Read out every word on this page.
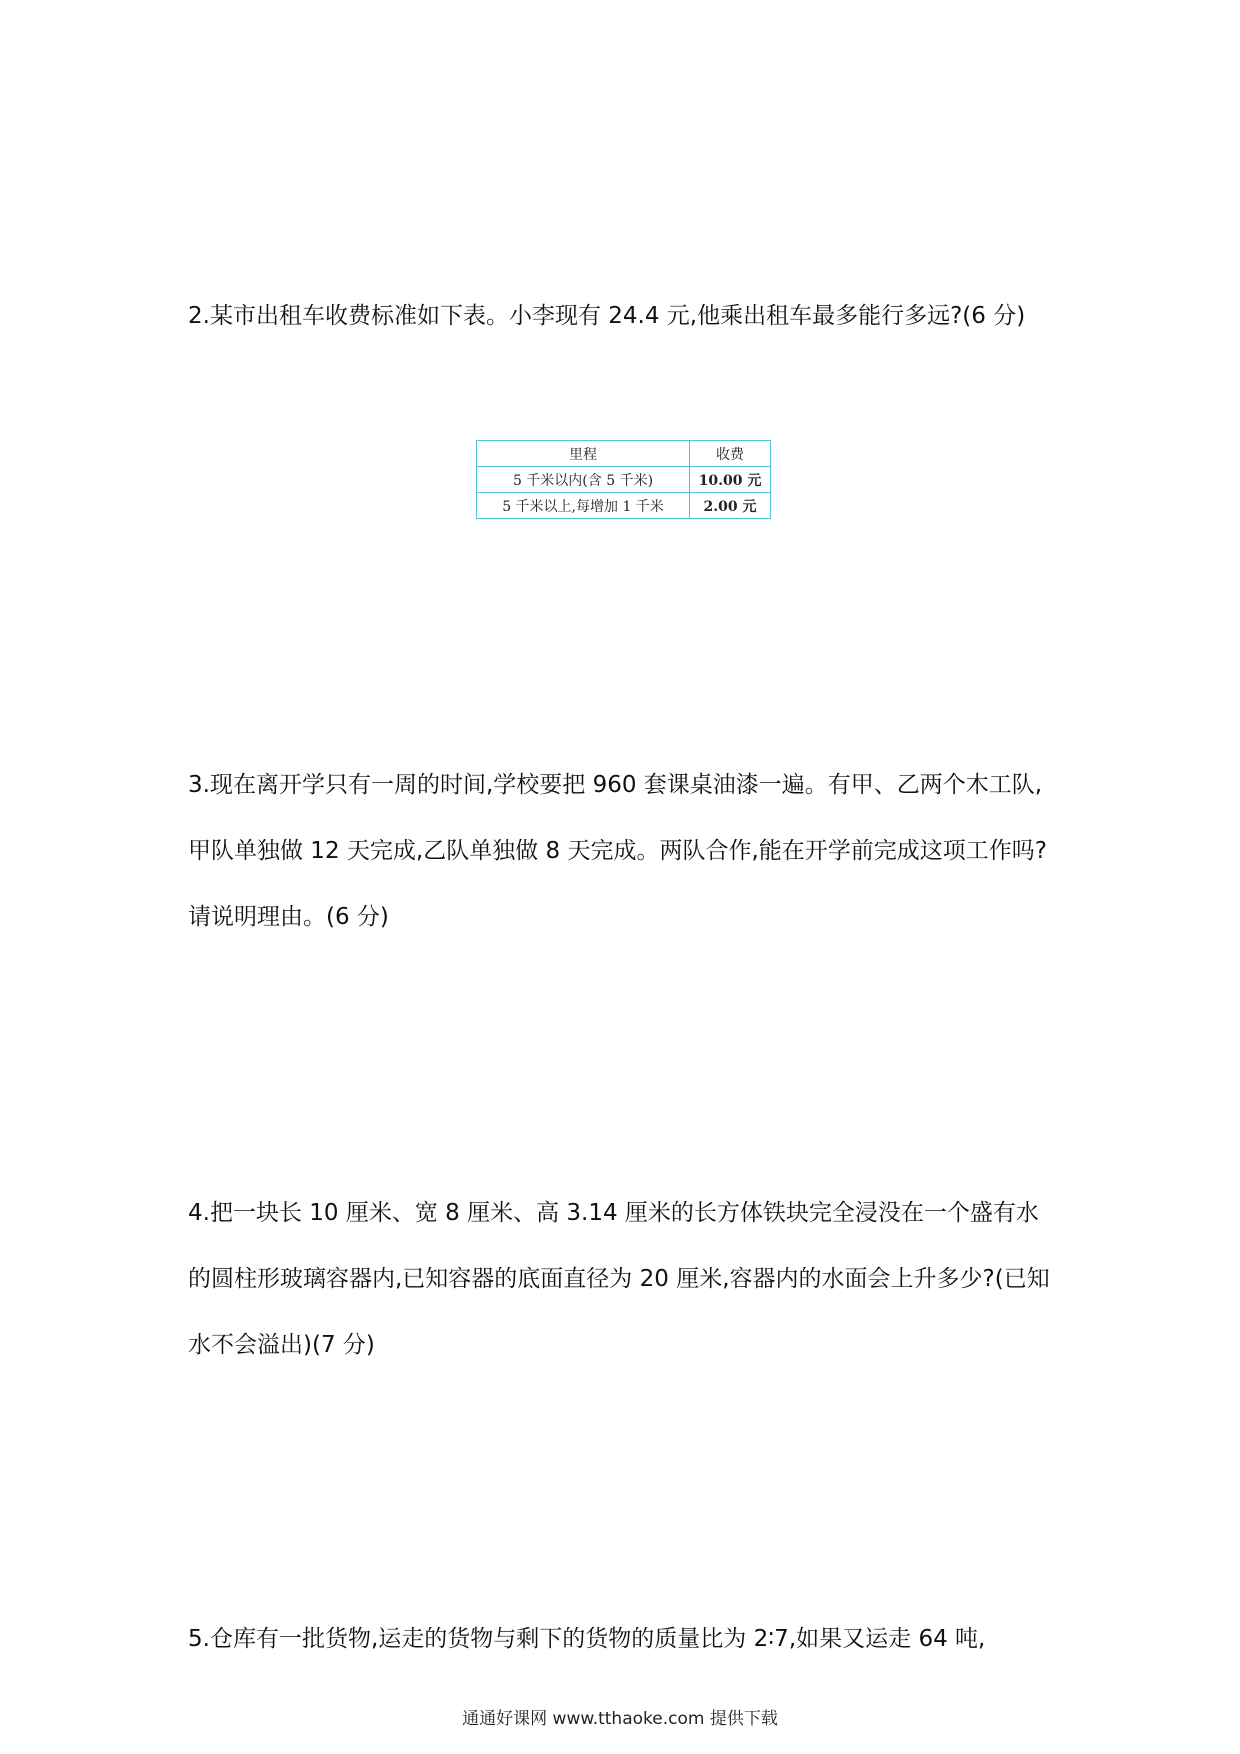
2.某市出租车收费标准如下表。小李现有 24.4 元,他乘出租车最多能行多远?(6 分)

里程	收费
5 千米以内(含 5 千米)	10.00 元
5 千米以上,每增加 1 千米	2.00 元

3.现在离开学只有一周的时间,学校要把 960 套课桌油漆一遍。有甲、乙两个木工队,甲队单独做 12 天完成,乙队单独做 8 天完成。两队合作,能在开学前完成这项工作吗?请说明理由。(6 分)

4.把一块长 10 厘米、宽 8 厘米、高 3.14 厘米的长方体铁块完全浸没在一个盛有水的圆柱形玻璃容器内,已知容器的底面直径为 20 厘米,容器内的水面会上升多少?(已知水不会溢出)(7 分)

5.仓库有一批货物,运走的货物与剩下的货物的质量比为 2∶7,如果又运走 64 吨,

通通好课网 www.tthaoke.com 提供下载
